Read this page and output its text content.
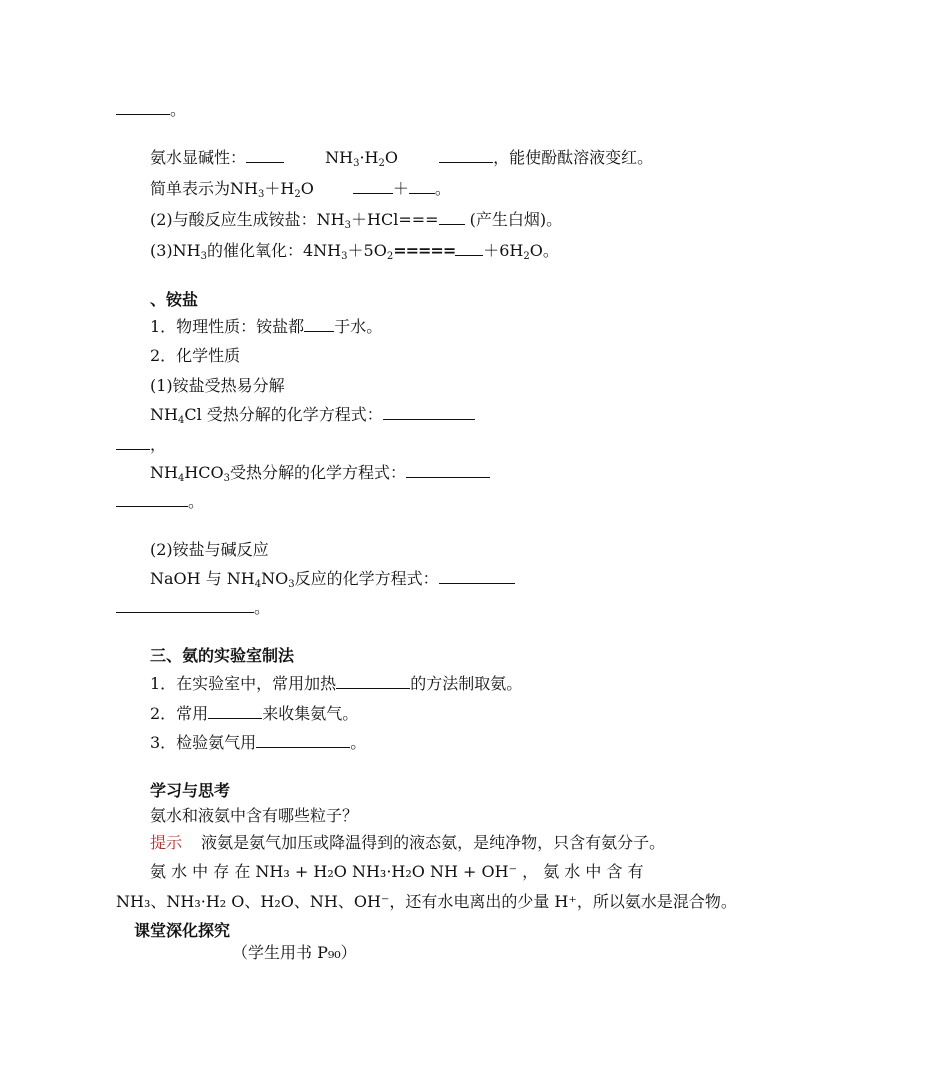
。
氨水显碱性：	$NH_3\cdot H_2O$	，能使酚酞溶液变红。
简单表示为$NH_3+H_2O$	＋ 。
(2)与酸反应生成铵盐：$NH_3+HCl===$ (产生白烟)。
$(3)NH_3$的催化氧化：$4NH_3+5O_2===== +6H_2O$。
、铵盐
1．物理性质：铵盐都 于水。
2．化学性质
(1)铵盐受热易分解
$NH_4Cl$ 受热分解的化学方程式：
，
$NH_4HCO_3$受热分解的化学方程式：
。
(2)铵盐与碱反应
NaOH 与 $NH_4NO_3$反应的化学方程式：
。
三、氨的实验室制法
1．在实验室中，常用加热	的方法制取氨。
2．常用	来收集氨气。
3．检验氨气用	。
学习与思考
氨水和液氨中含有哪些粒子？
提示 液氨是氨气加压或降温得到的液态氨，是纯净物，只含有氨分子。
氨 水 中 存 在 NH₃ + H₂O NH₃·H₂O NH + OH⁻ ， 氨 水 中 含 有
NH₃、NH₃·H₂ O、H₂O、NH、OH⁻，还有水电离出的少量 H⁺，所以氨水是混合物。
课堂深化探究
（学生用书 P₉₀）
